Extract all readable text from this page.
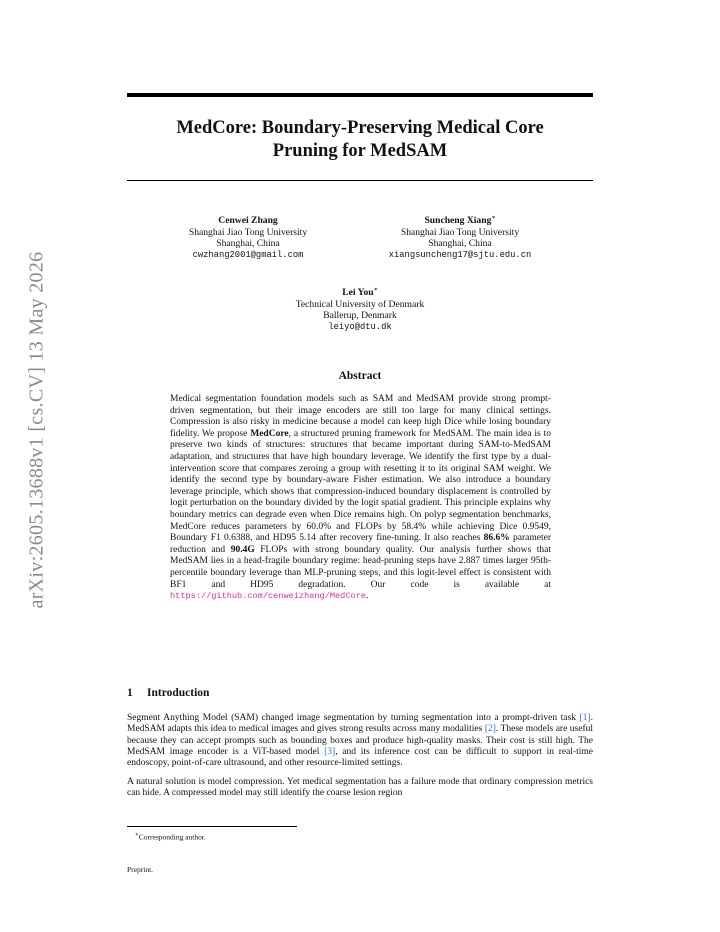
arXiv:2605.13688v1 [cs.CV] 13 May 2026
MedCore: Boundary-Preserving Medical Core
Pruning for MedSAM
Cenwei Zhang
Shanghai Jiao Tong University
Shanghai, China
cwzhang2001@gmail.com
Suncheng Xiang∗
Shanghai Jiao Tong University
Shanghai, China
xiangsuncheng17@sjtu.edu.cn
Lei You∗
Technical University of Denmark
Ballerup, Denmark
leiyo@dtu.dk
Abstract
Medical segmentation foundation models such as SAM and MedSAM provide strong prompt-driven segmentation, but their image encoders are still too large for many clinical settings. Compression is also risky in medicine because a model can keep high Dice while losing boundary fidelity. We propose MedCore, a structured pruning framework for MedSAM. The main idea is to preserve two kinds of structures: structures that became important during SAM-to-MedSAM adaptation, and structures that have high boundary leverage. We identify the first type by a dual-intervention score that compares zeroing a group with resetting it to its original SAM weight. We identify the second type by boundary-aware Fisher estimation. We also introduce a boundary leverage principle, which shows that compression-induced boundary displacement is controlled by logit perturbation on the boundary divided by the logit spatial gradient. This principle explains why boundary metrics can degrade even when Dice remains high. On polyp segmentation benchmarks, MedCore reduces parameters by 60.0% and FLOPs by 58.4% while achieving Dice 0.9549, Boundary F1 0.6388, and HD95 5.14 after recovery fine-tuning. It also reaches 86.6% parameter reduction and 90.4G FLOPs with strong boundary quality. Our analysis further shows that MedSAM lies in a head-fragile boundary regime: head-pruning steps have 2.887 times larger 95th-percentile boundary leverage than MLP-pruning steps, and this logit-level effect is consistent with BF1 and HD95 degradation. Our code is available at https://github.com/cenweizhang/MedCore.
1 Introduction
Segment Anything Model (SAM) changed image segmentation by turning segmentation into a prompt-driven task [1]. MedSAM adapts this idea to medical images and gives strong results across many modalities [2]. These models are useful because they can accept prompts such as bounding boxes and produce high-quality masks. Their cost is still high. The MedSAM image encoder is a ViT-based model [3], and its inference cost can be difficult to support in real-time endoscopy, point-of-care ultrasound, and other resource-limited settings.
A natural solution is model compression. Yet medical segmentation has a failure mode that ordinary compression metrics can hide. A compressed model may still identify the coarse lesion region
∗Corresponding author.
Preprint.
